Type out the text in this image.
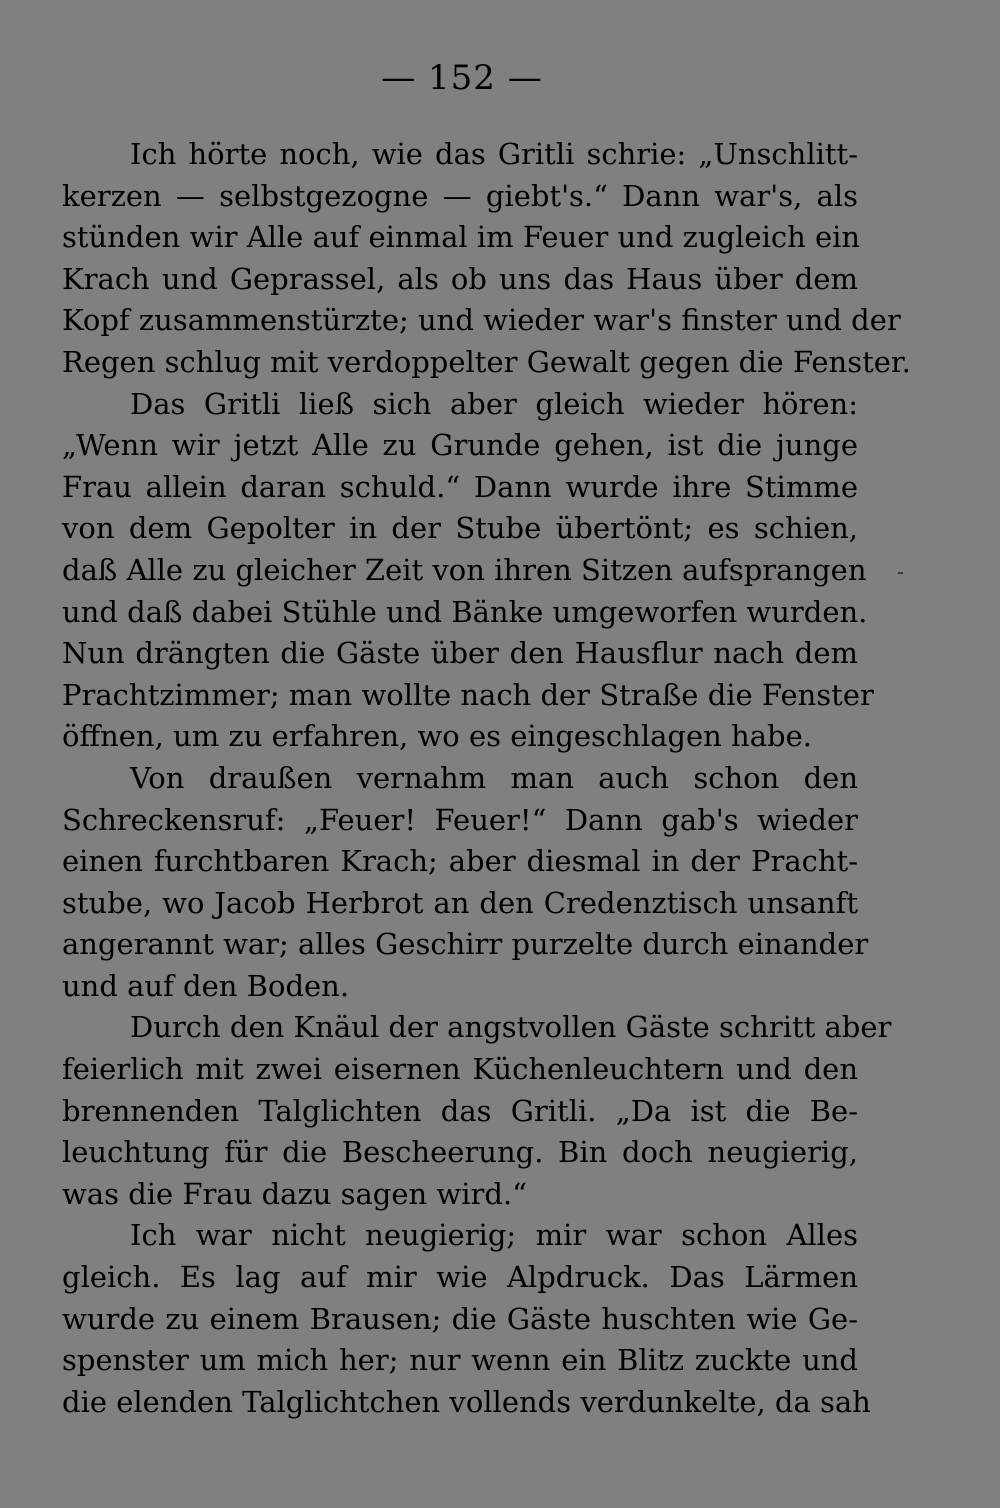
— 152 —
Ich hörte noch, wie das Gritli schrie: „Unschlitt-
kerzen — selbstgezogne — giebt's.“ Dann war's, als
stünden wir Alle auf einmal im Feuer und zugleich ein
Krach und Geprassel, als ob uns das Haus über dem
Kopf zusammenstürzte; und wieder war's finster und der
Regen schlug mit verdoppelter Gewalt gegen die Fenster.
Das Gritli ließ sich aber gleich wieder hören:
„Wenn wir jetzt Alle zu Grunde gehen, ist die junge
Frau allein daran schuld.“ Dann wurde ihre Stimme
von dem Gepolter in der Stube übertönt; es schien,
daß Alle zu gleicher Zeit von ihren Sitzen aufsprangen
und daß dabei Stühle und Bänke umgeworfen wurden.
Nun drängten die Gäste über den Hausflur nach dem
Prachtzimmer; man wollte nach der Straße die Fenster
öffnen, um zu erfahren, wo es eingeschlagen habe.
Von draußen vernahm man auch schon den
Schreckensruf: „Feuer! Feuer!“ Dann gab's wieder
einen furchtbaren Krach; aber diesmal in der Pracht-
stube, wo Jacob Herbrot an den Credenztisch unsanft
angerannt war; alles Geschirr purzelte durch einander
und auf den Boden.
Durch den Knäul der angstvollen Gäste schritt aber
feierlich mit zwei eisernen Küchenleuchtern und den
brennenden Talglichten das Gritli. „Da ist die Be-
leuchtung für die Bescheerung. Bin doch neugierig,
was die Frau dazu sagen wird.“
Ich war nicht neugierig; mir war schon Alles
gleich. Es lag auf mir wie Alpdruck. Das Lärmen
wurde zu einem Brausen; die Gäste huschten wie Ge-
spenster um mich her; nur wenn ein Blitz zuckte und
die elenden Talglichtchen vollends verdunkelte, da sah
